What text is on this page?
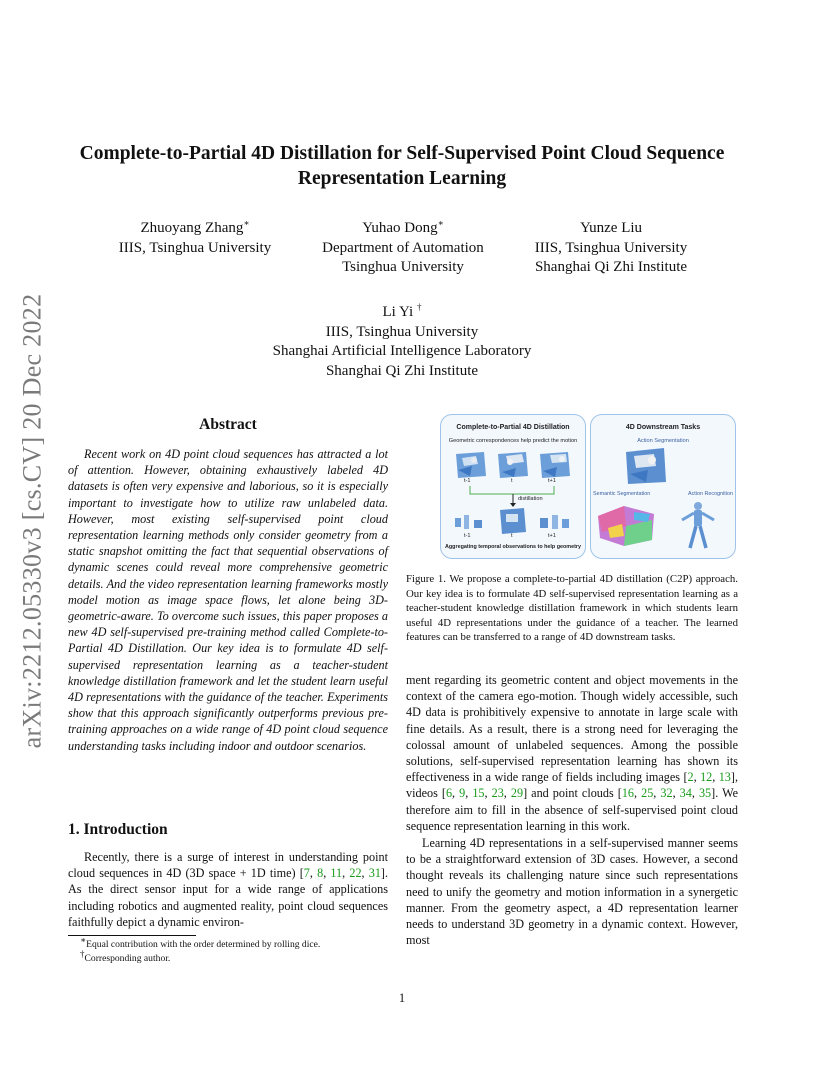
arXiv:2212.05330v3 [cs.CV] 20 Dec 2022
Complete-to-Partial 4D Distillation for Self-Supervised Point Cloud Sequence
Representation Learning
Zhuoyang Zhang∗
IIIS, Tsinghua University
Yuhao Dong∗
Department of Automation
Tsinghua University
Yunze Liu
IIIS, Tsinghua University
Shanghai Qi Zhi Institute
Li Yi †
IIIS, Tsinghua University
Shanghai Artificial Intelligence Laboratory
Shanghai Qi Zhi Institute
Abstract
Recent work on 4D point cloud sequences has attracted a lot of attention. However, obtaining exhaustively labeled 4D datasets is often very expensive and laborious, so it is especially important to investigate how to utilize raw unlabeled data. However, most existing self-supervised point cloud representation learning methods only consider geometry from a static snapshot omitting the fact that sequential observations of dynamic scenes could reveal more comprehensive geometric details. And the video representation learning frameworks mostly model motion as image space flows, let alone being 3D-geometric-aware. To overcome such issues, this paper proposes a new 4D self-supervised pre-training method called Complete-to-Partial 4D Distillation. Our key idea is to formulate 4D self-supervised representation learning as a teacher-student knowledge distillation framework and let the student learn useful 4D representations with the guidance of the teacher. Experiments show that this approach significantly outperforms previous pre-training approaches on a wide range of 4D point cloud sequence understanding tasks including indoor and outdoor scenarios.
1. Introduction
Recently, there is a surge of interest in understanding point cloud sequences in 4D (3D space + 1D time) [7, 8, 11, 22, 31]. As the direct sensor input for a wide range of applications including robotics and augmented reality, point cloud sequences faithfully depict a dynamic environ-
∗Equal contribution with the order determined by rolling dice.
†Corresponding author.
Complete-to-Partial 4D Distillation
Geometric correspondences help predict the motion
t-1	t	t+1
distillation
t-1	t	t+1
Aggregating temporal observations to help geometry
4D Downstream Tasks
Action Segmentation
Semantic Segmentation	Action Recognition
Figure 1. We propose a complete-to-partial 4D distillation (C2P) approach. Our key idea is to formulate 4D self-supervised representation learning as a teacher-student knowledge distillation framework in which students learn useful 4D representations under the guidance of a teacher. The learned features can be transferred to a range of 4D downstream tasks.

ment regarding its geometric content and object movements in the context of the camera ego-motion. Though widely accessible, such 4D data is prohibitively expensive to annotate in large scale with fine details. As a result, there is a strong need for leveraging the colossal amount of unlabeled sequences. Among the possible solutions, self-supervised representation learning has shown its effectiveness in a wide range of fields including images [2, 12, 13], videos [6, 9, 15, 23, 29] and point clouds [16, 25, 32, 34, 35]. We therefore aim to fill in the absence of self-supervised point cloud sequence representation learning in this work.

Learning 4D representations in a self-supervised manner seems to be a straightforward extension of 3D cases. However, a second thought reveals its challenging nature since such representations need to unify the geometry and motion information in a synergetic manner. From the geometry aspect, a 4D representation learner needs to understand 3D geometry in a dynamic context. However, most

1
